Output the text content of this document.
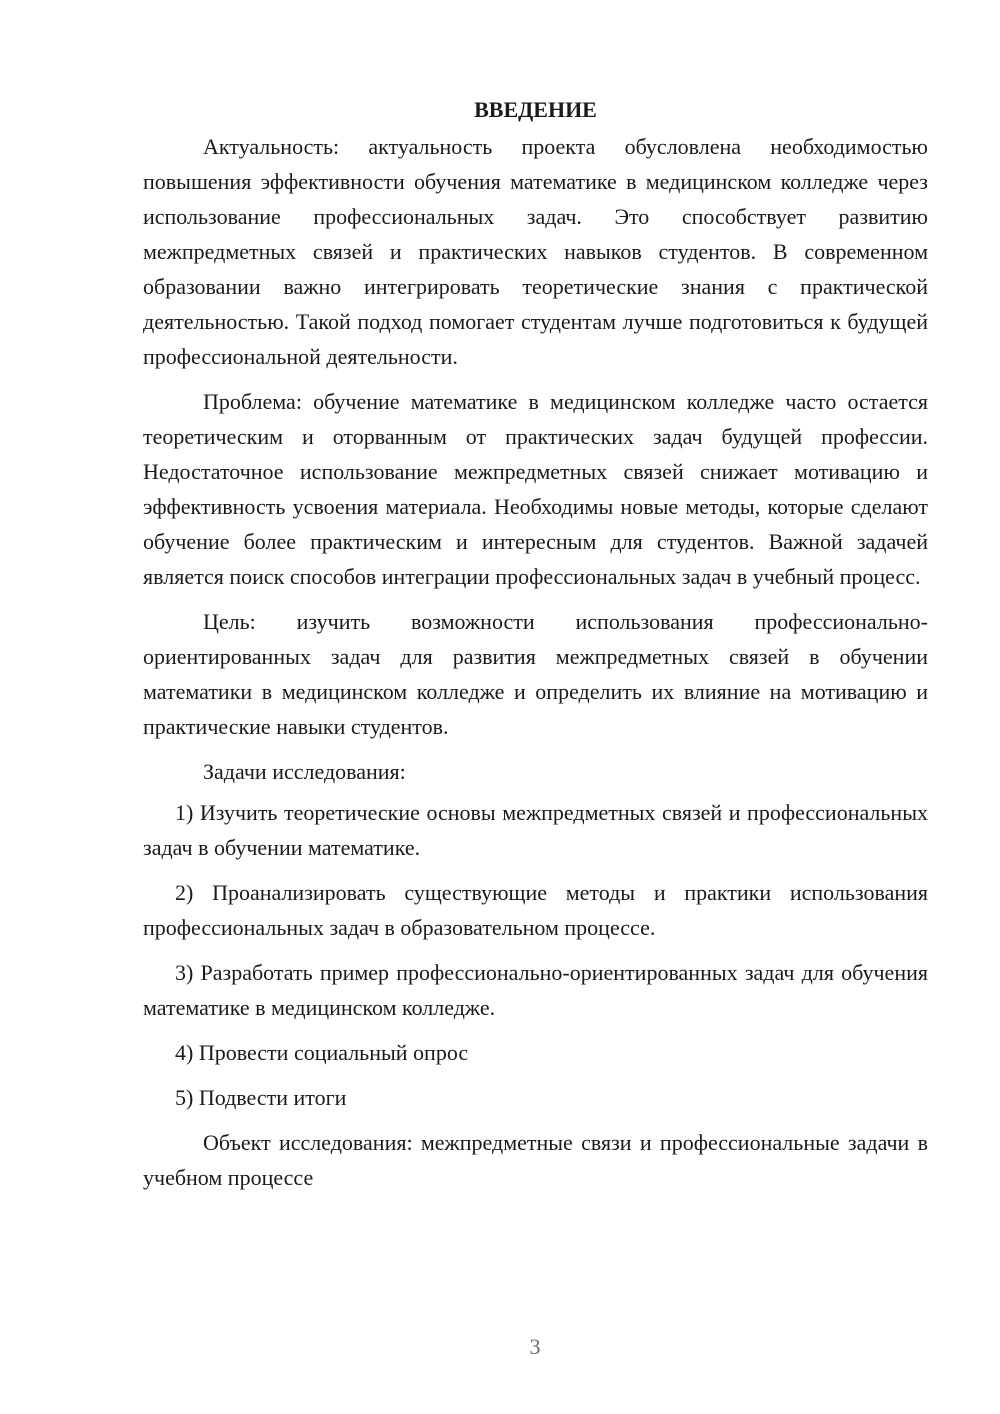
ВВЕДЕНИЕ

Актуальность: актуальность проекта обусловлена необходимостью повышения эффективности обучения математике в медицинском колледже через использование профессиональных задач. Это способствует развитию межпредметных связей и практических навыков студентов. В современном образовании важно интегрировать теоретические знания с практической деятельностью. Такой подход помогает студентам лучше подготовиться к будущей профессиональной деятельности.

Проблема: обучение математике в медицинском колледже часто остается теоретическим и оторванным от практических задач будущей профессии. Недостаточное использование межпредметных связей снижает мотивацию и эффективность усвоения материала. Необходимы новые методы, которые сделают обучение более практическим и интересным для студентов. Важной задачей является поиск способов интеграции профессиональных задач в учебный процесс.

Цель: изучить возможности использования профессионально-ориентированных задач для развития межпредметных связей в обучении математики в медицинском колледже и определить их влияние на мотивацию и практические навыки студентов.

Задачи исследования:

1) Изучить теоретические основы межпредметных связей и профессиональных задач в обучении математике.

2) Проанализировать существующие методы и практики использования профессиональных задач в образовательном процессе.

3) Разработать пример профессионально-ориентированных задач для обучения математике в медицинском колледже.

4) Провести социальный опрос

5) Подвести итоги

Объект исследования: межпредметные связи и профессиональные задачи в учебном процессе

3
